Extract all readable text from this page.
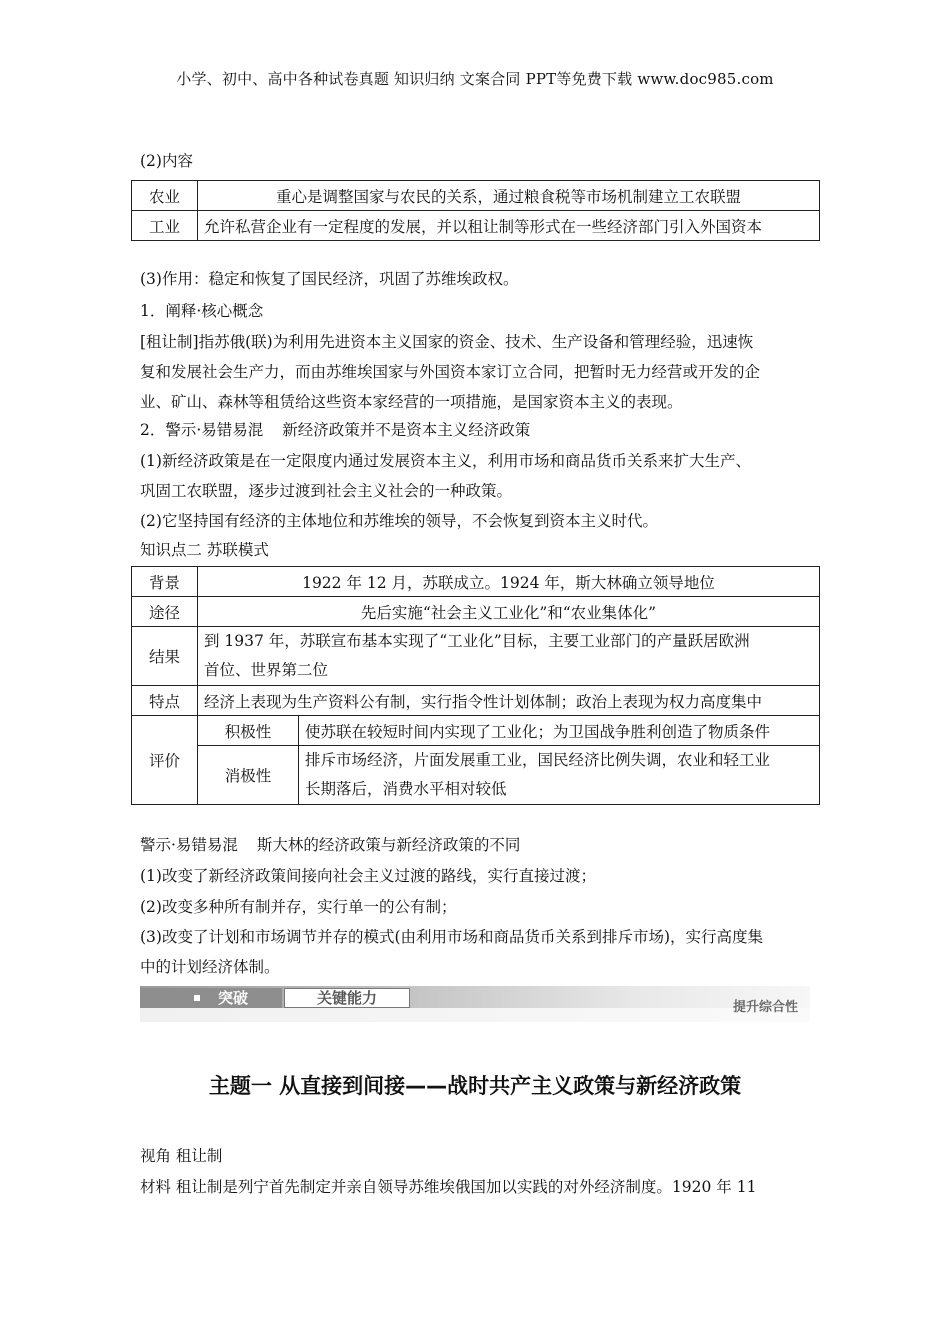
小学、初中、高中各种试卷真题 知识归纳 文案合同 PPT等免费下载 www.doc985.com
(2)内容
农业	重心是调整国家与农民的关系，通过粮食税等市场机制建立工农联盟
工业	允许私营企业有一定程度的发展，并以租让制等形式在一些经济部门引入外国资本
(3)作用：稳定和恢复了国民经济，巩固了苏维埃政权。
1．阐释·核心概念
[租让制]指苏俄(联)为利用先进资本主义国家的资金、技术、生产设备和管理经验，迅速恢
复和发展社会生产力，而由苏维埃国家与外国资本家订立合同，把暂时无力经营或开发的企
业、矿山、森林等租赁给这些资本家经营的一项措施，是国家资本主义的表现。
2．警示·易错易混 新经济政策并不是资本主义经济政策
(1)新经济政策是在一定限度内通过发展资本主义，利用市场和商品货币关系来扩大生产、
巩固工农联盟，逐步过渡到社会主义社会的一种政策。
(2)它坚持国有经济的主体地位和苏维埃的领导，不会恢复到资本主义时代。
知识点二 苏联模式
背景	1922 年 12 月，苏联成立。1924 年，斯大林确立领导地位	
途径	先后实施“社会主义工业化”和“农业集体化”	
结果	到 1937 年，苏联宣布基本实现了“工业化”目标，主要工业部门的产量跃居欧洲
首位、世界第二位	

特点	经济上表现为生产资料公有制，实行指令性计划体制；政治上表现为权力高度集中	
评价	积极性	使苏联在较短时间内实现了工业化；为卫国战争胜利创造了物质条件
	消极性	排斥市场经济，片面发展重工业，国民经济比例失调，农业和轻工业
长期落后，消费水平相对较低
警示·易错易混 斯大林的经济政策与新经济政策的不同
(1)改变了新经济政策间接向社会主义过渡的路线，实行直接过渡；
(2)改变多种所有制并存，实行单一的公有制；
(3)改变了计划和市场调节并存的模式(由利用市场和商品货币关系到排斥市场)，实行高度集
中的计划经济体制。
突破	关键能力
提升综合性
主题一 从直接到间接——战时共产主义政策与新经济政策
视角 租让制
材料 租让制是列宁首先制定并亲自领导苏维埃俄国加以实践的对外经济制度。1920 年 11
